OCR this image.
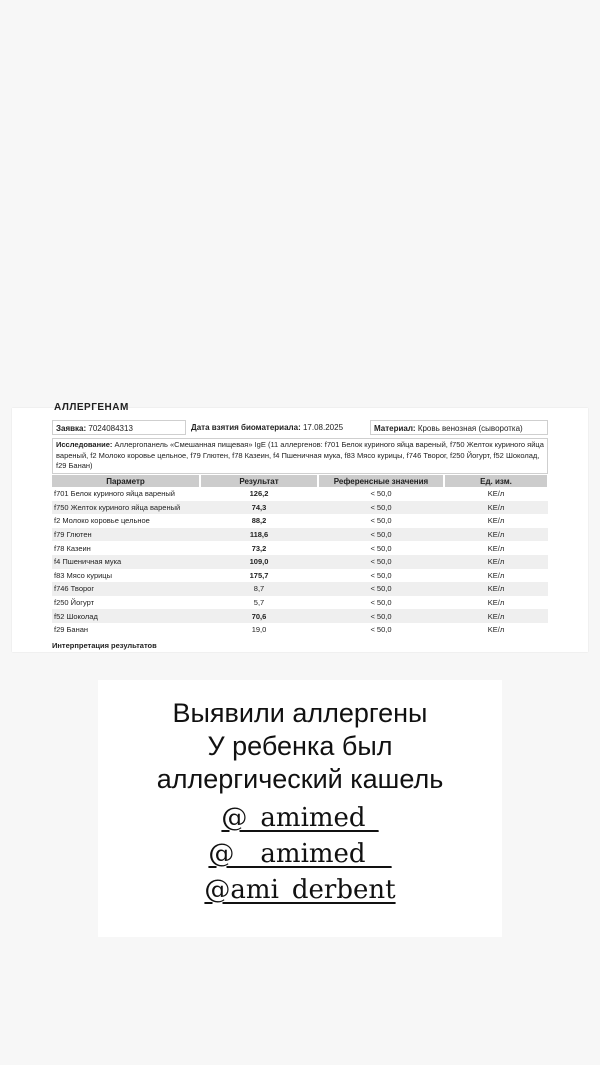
АЛЛЕРГЕНАМ
Заявка: 7024084313	Дата взятия биоматериала: 17.08.2025	Материал: Кровь венозная (сыворотка)
Исследование: Аллергопанель «Смешанная пищевая» IgE (11 аллергенов: f701 Белок куриного яйца вареный, f750 Желток куриного яйца вареный, f2 Молоко коровье цельное, f79 Глютен, f78 Казеин, f4 Пшеничная мука, f83 Мясо курицы, f746 Творог, f250 Йогурт, f52 Шоколад, f29 Банан)
Параметр	Результат	Референсные значения	Ед. изм.
f701 Белок куриного яйца вареный	126,2	< 50,0	KE/л
f750 Желток куриного яйца вареный	74,3	< 50,0	KE/л
f2 Молоко коровье цельное	88,2	< 50,0	KE/л
f79 Глютен	118,6	< 50,0	KE/л
f78 Казеин	73,2	< 50,0	KE/л
f4 Пшеничная мука	109,0	< 50,0	KE/л
f83 Мясо курицы	175,7	< 50,0	KE/л
f746 Творог	8,7	< 50,0	KE/л
f250 Йогурт	5,7	< 50,0	KE/л
f52 Шоколад	70,6	< 50,0	KE/л
f29 Банан	19,0	< 50,0	KE/л
Интерпретация результатов
Выявили аллергены
У ребенка был
аллергический кашель
@_amimed_
@__amimed__
@ami_derbent
